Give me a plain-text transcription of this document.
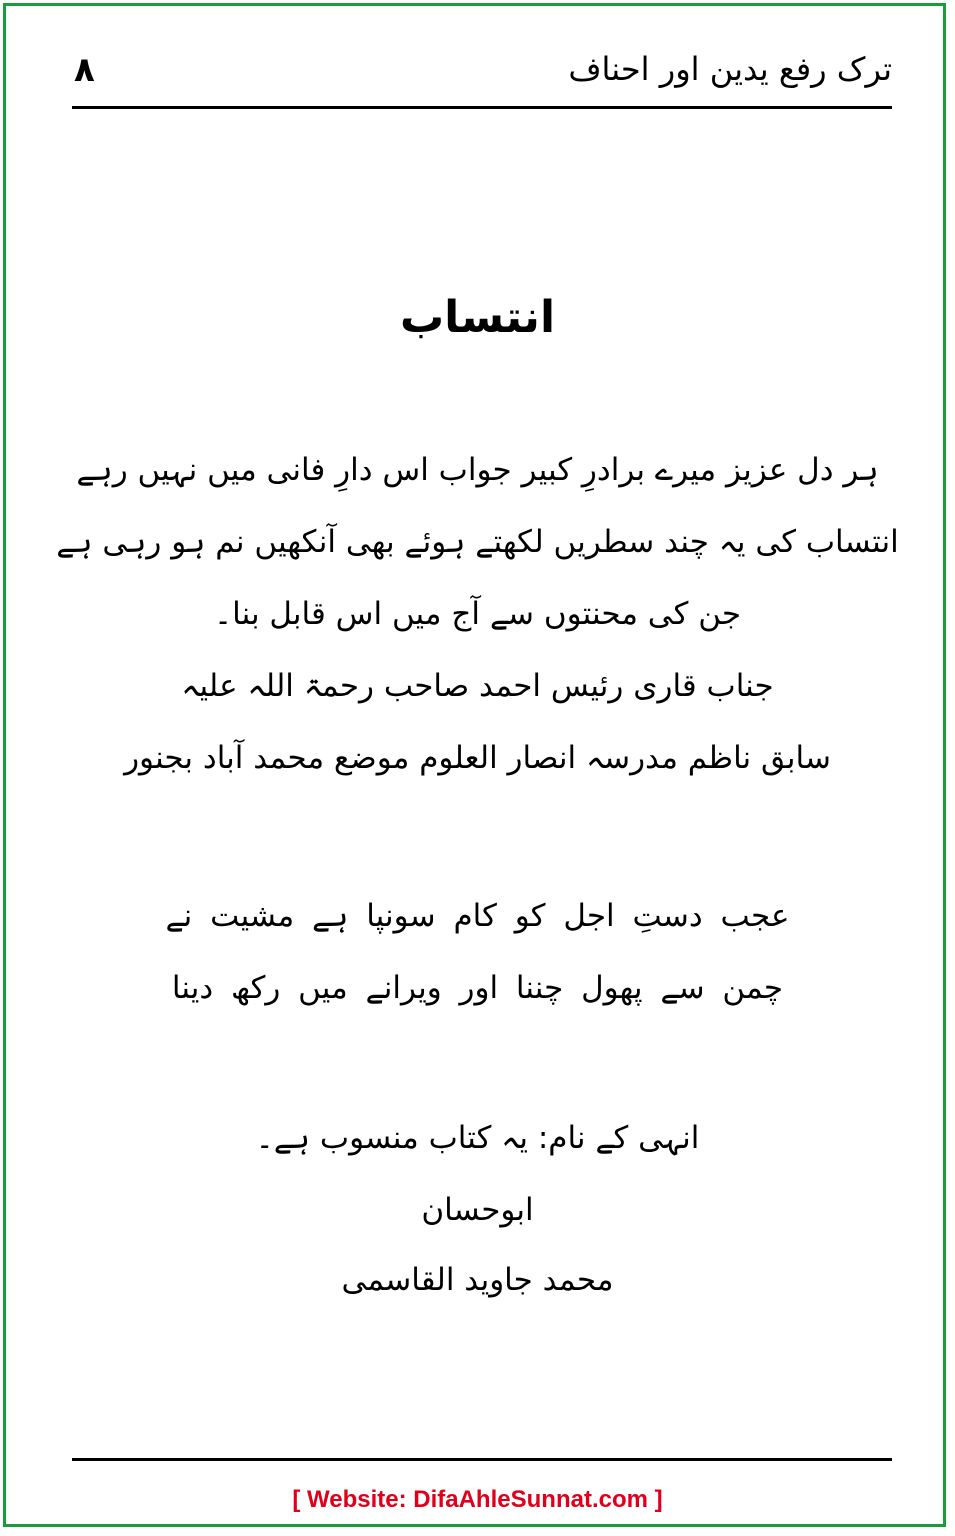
ترک رفع یدین اور احناف
۸
انتساب
ہر دل عزیز میرے برادرِ کبیر جواب اس دارِ فانی میں نہیں رہے
انتساب کی یہ چند سطریں لکھتے ہوئے بھی آنکھیں نم ہو رہی ہے
جن کی محنتوں سے آج میں اس قابل بنا۔
جناب قاری رئیس احمد صاحب رحمۃ اللہ علیہ
سابق ناظم مدرسہ انصار العلوم موضع محمد آباد بجنور
عجب دستِ اجل کو کام سونپا ہے مشیت نے
چمن سے پھول چننا اور ویرانے میں رکھ دینا
انہی کے نام: یہ کتاب منسوب ہے۔
ابوحسان
محمد جاوید القاسمی
[ Website: DifaAhleSunnat.com ]
